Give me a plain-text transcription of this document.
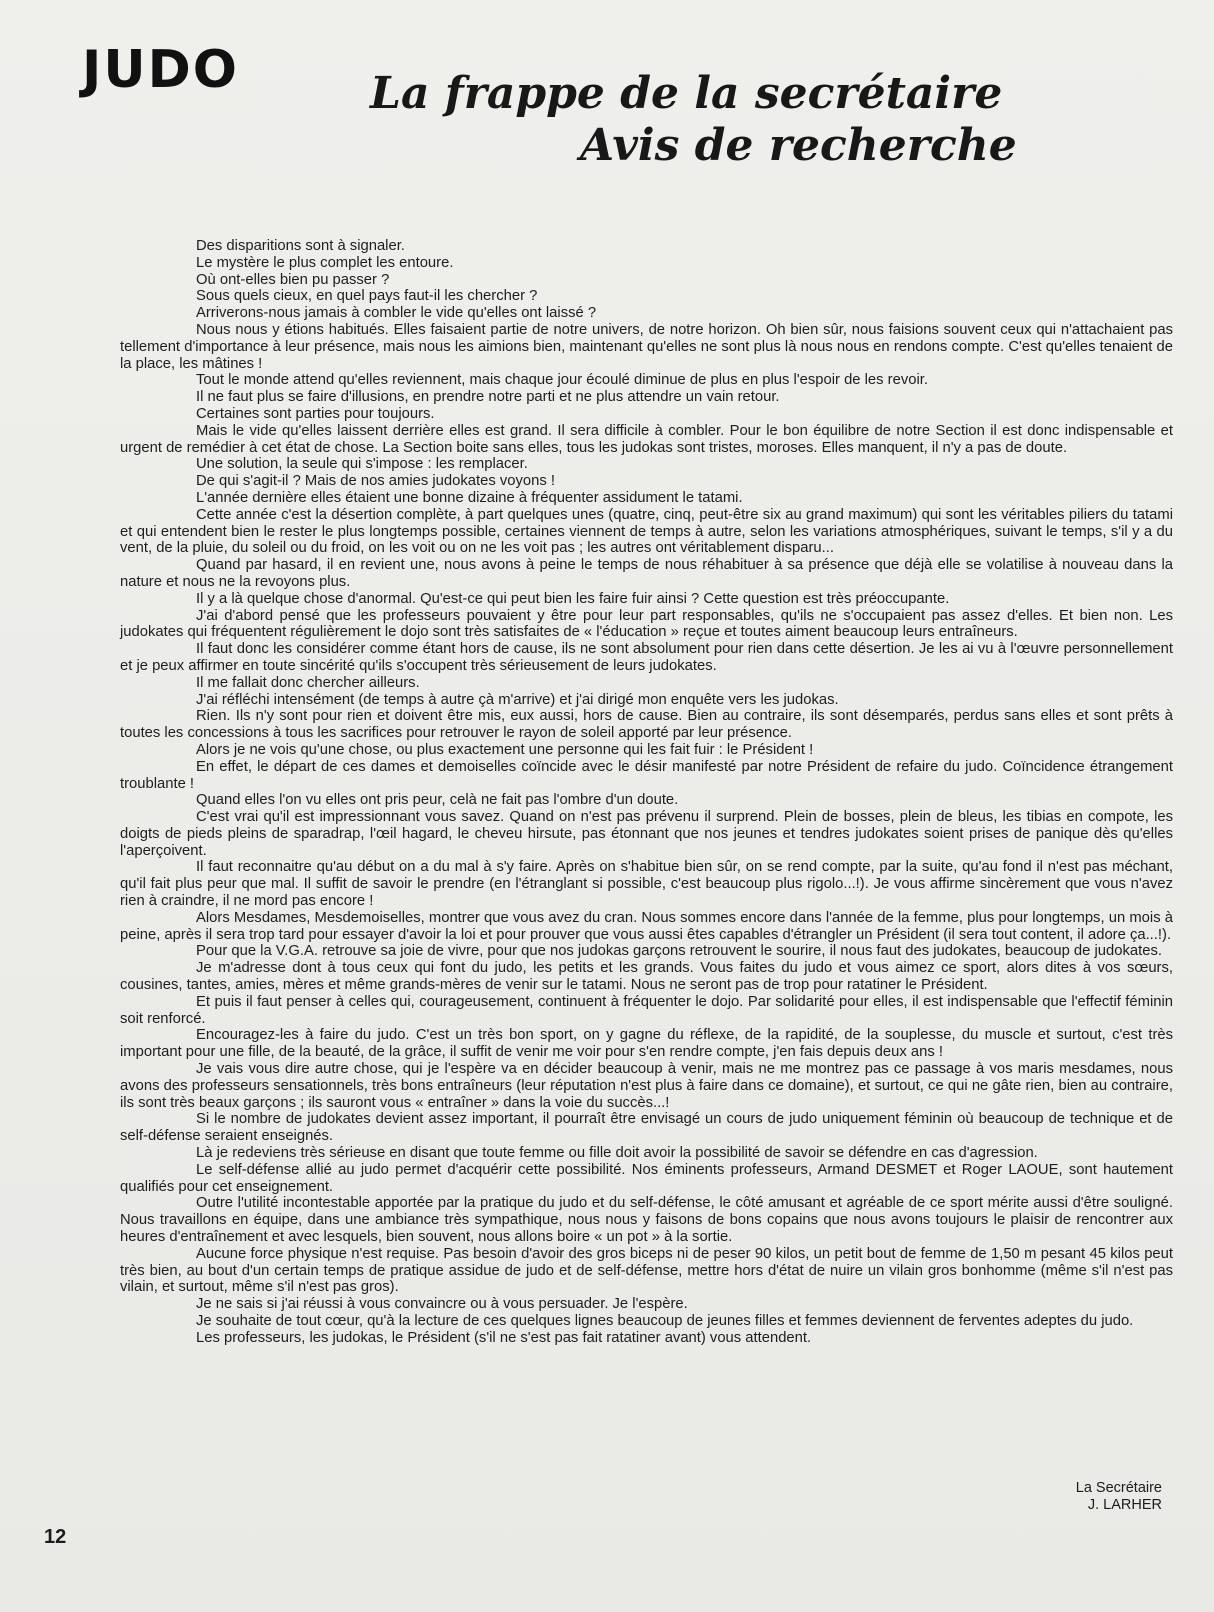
JUDO	La frappe de la secrétaire
Avis de recherche

Des disparitions sont à signaler.

Le mystère le plus complet les entoure.

Où ont-elles bien pu passer ?

Sous quels cieux, en quel pays faut-il les chercher ?

Arriverons-nous jamais à combler le vide qu'elles ont laissé ?

Nous nous y étions habitués. Elles faisaient partie de notre univers, de notre horizon. Oh bien sûr, nous faisions souvent ceux qui n'attachaient pas tellement d'importance à leur présence, mais nous les aimions bien, maintenant qu'elles ne sont plus là nous nous en rendons compte. C'est qu'elles tenaient de la place, les mâtines !

Tout le monde attend qu'elles reviennent, mais chaque jour écoulé diminue de plus en plus l'espoir de les revoir.

Il ne faut plus se faire d'illusions, en prendre notre parti et ne plus attendre un vain retour.

Certaines sont parties pour toujours.

Mais le vide qu'elles laissent derrière elles est grand. Il sera difficile à combler. Pour le bon équilibre de notre Section il est donc indispensable et urgent de remédier à cet état de chose. La Section boite sans elles, tous les judokas sont tristes, moroses. Elles manquent, il n'y a pas de doute.

Une solution, la seule qui s'impose : les remplacer.

De qui s'agit-il ? Mais de nos amies judokates voyons !

L'année dernière elles étaient une bonne dizaine à fréquenter assidument le tatami.

Cette année c'est la désertion complète, à part quelques unes (quatre, cinq, peut-être six au grand maximum) qui sont les véritables piliers du tatami et qui entendent bien le rester le plus longtemps possible, certaines viennent de temps à autre, selon les variations atmosphériques, suivant le temps, s'il y a du vent, de la pluie, du soleil ou du froid, on les voit ou on ne les voit pas ; les autres ont véritablement disparu...

Quand par hasard, il en revient une, nous avons à peine le temps de nous réhabituer à sa présence que déjà elle se volatilise à nouveau dans la nature et nous ne la revoyons plus.

Il y a là quelque chose d'anormal. Qu'est-ce qui peut bien les faire fuir ainsi ? Cette question est très préoccupante.

J'ai d'abord pensé que les professeurs pouvaient y être pour leur part responsables, qu'ils ne s'occupaient pas assez d'elles. Et bien non. Les judokates qui fréquentent régulièrement le dojo sont très satisfaites de « l'éducation » reçue et toutes aiment beaucoup leurs entraîneurs.

Il faut donc les considérer comme étant hors de cause, ils ne sont absolument pour rien dans cette désertion. Je les ai vu à l'œuvre personnellement et je peux affirmer en toute sincérité qu'ils s'occupent très sérieusement de leurs judokates.

Il me fallait donc chercher ailleurs.

J'ai réfléchi intensément (de temps à autre çà m'arrive) et j'ai dirigé mon enquête vers les judokas.

Rien. Ils n'y sont pour rien et doivent être mis, eux aussi, hors de cause. Bien au contraire, ils sont désemparés, perdus sans elles et sont prêts à toutes les concessions à tous les sacrifices pour retrouver le rayon de soleil apporté par leur présence.

Alors je ne vois qu'une chose, ou plus exactement une personne qui les fait fuir : le Président !

En effet, le départ de ces dames et demoiselles coïncide avec le désir manifesté par notre Président de refaire du judo. Coïncidence étrangement troublante !

Quand elles l'on vu elles ont pris peur, celà ne fait pas l'ombre d'un doute.

C'est vrai qu'il est impressionnant vous savez. Quand on n'est pas prévenu il surprend. Plein de bosses, plein de bleus, les tibias en compote, les doigts de pieds pleins de sparadrap, l'œil hagard, le cheveu hirsute, pas étonnant que nos jeunes et tendres judokates soient prises de panique dès qu'elles l'aperçoivent.

Il faut reconnaitre qu'au début on a du mal à s'y faire. Après on s'habitue bien sûr, on se rend compte, par la suite, qu'au fond il n'est pas méchant, qu'il fait plus peur que mal. Il suffit de savoir le prendre (en l'étranglant si possible, c'est beaucoup plus rigolo...!). Je vous affirme sincèrement que vous n'avez rien à craindre, il ne mord pas encore !

Alors Mesdames, Mesdemoiselles, montrer que vous avez du cran. Nous sommes encore dans l'année de la femme, plus pour longtemps, un mois à peine, après il sera trop tard pour essayer d'avoir la loi et pour prouver que vous aussi êtes capables d'étrangler un Président (il sera tout content, il adore ça...!).

Pour que la V.G.A. retrouve sa joie de vivre, pour que nos judokas garçons retrouvent le sourire, il nous faut des judokates, beaucoup de judokates.

Je m'adresse dont à tous ceux qui font du judo, les petits et les grands. Vous faites du judo et vous aimez ce sport, alors dites à vos sœurs, cousines, tantes, amies, mères et même grands-mères de venir sur le tatami. Nous ne seront pas de trop pour ratatiner le Président.

Et puis il faut penser à celles qui, courageusement, continuent à fréquenter le dojo. Par solidarité pour elles, il est indispensable que l'effectif féminin soit renforcé.

Encouragez-les à faire du judo. C'est un très bon sport, on y gagne du réflexe, de la rapidité, de la souplesse, du muscle et surtout, c'est très important pour une fille, de la beauté, de la grâce, il suffit de venir me voir pour s'en rendre compte, j'en fais depuis deux ans !

Je vais vous dire autre chose, qui je l'espère va en décider beaucoup à venir, mais ne me montrez pas ce passage à vos maris mesdames, nous avons des professeurs sensationnels, très bons entraîneurs (leur réputation n'est plus à faire dans ce domaine), et surtout, ce qui ne gâte rien, bien au contraire, ils sont très beaux garçons ; ils sauront vous « entraîner » dans la voie du succès...!

Si le nombre de judokates devient assez important, il pourraît être envisagé un cours de judo uniquement féminin où beaucoup de technique et de self-défense seraient enseignés.

Là je redeviens très sérieuse en disant que toute femme ou fille doit avoir la possibilité de savoir se défendre en cas d'agression.

Le self-défense allié au judo permet d'acquérir cette possibilité. Nos éminents professeurs, Armand DESMET et Roger LAOUE, sont hautement qualifiés pour cet enseignement.

Outre l'utilité incontestable apportée par la pratique du judo et du self-défense, le côté amusant et agréable de ce sport mérite aussi d'être souligné. Nous travaillons en équipe, dans une ambiance très sympathique, nous nous y faisons de bons copains que nous avons toujours le plaisir de rencontrer aux heures d'entraînement et avec lesquels, bien souvent, nous allons boire « un pot » à la sortie.

Aucune force physique n'est requise. Pas besoin d'avoir des gros biceps ni de peser 90 kilos, un petit bout de femme de 1,50 m pesant 45 kilos peut très bien, au bout d'un certain temps de pratique assidue de judo et de self-défense, mettre hors d'état de nuire un vilain gros bonhomme (même s'il n'est pas vilain, et surtout, même s'il n'est pas gros).

Je ne sais si j'ai réussi à vous convaincre ou à vous persuader. Je l'espère.

Je souhaite de tout cœur, qu'à la lecture de ces quelques lignes beaucoup de jeunes filles et femmes deviennent de ferventes adeptes du judo.

Les professeurs, les judokas, le Président (s'il ne s'est pas fait ratatiner avant) vous attendent.

La Secrétaire
J. LARHER
12
